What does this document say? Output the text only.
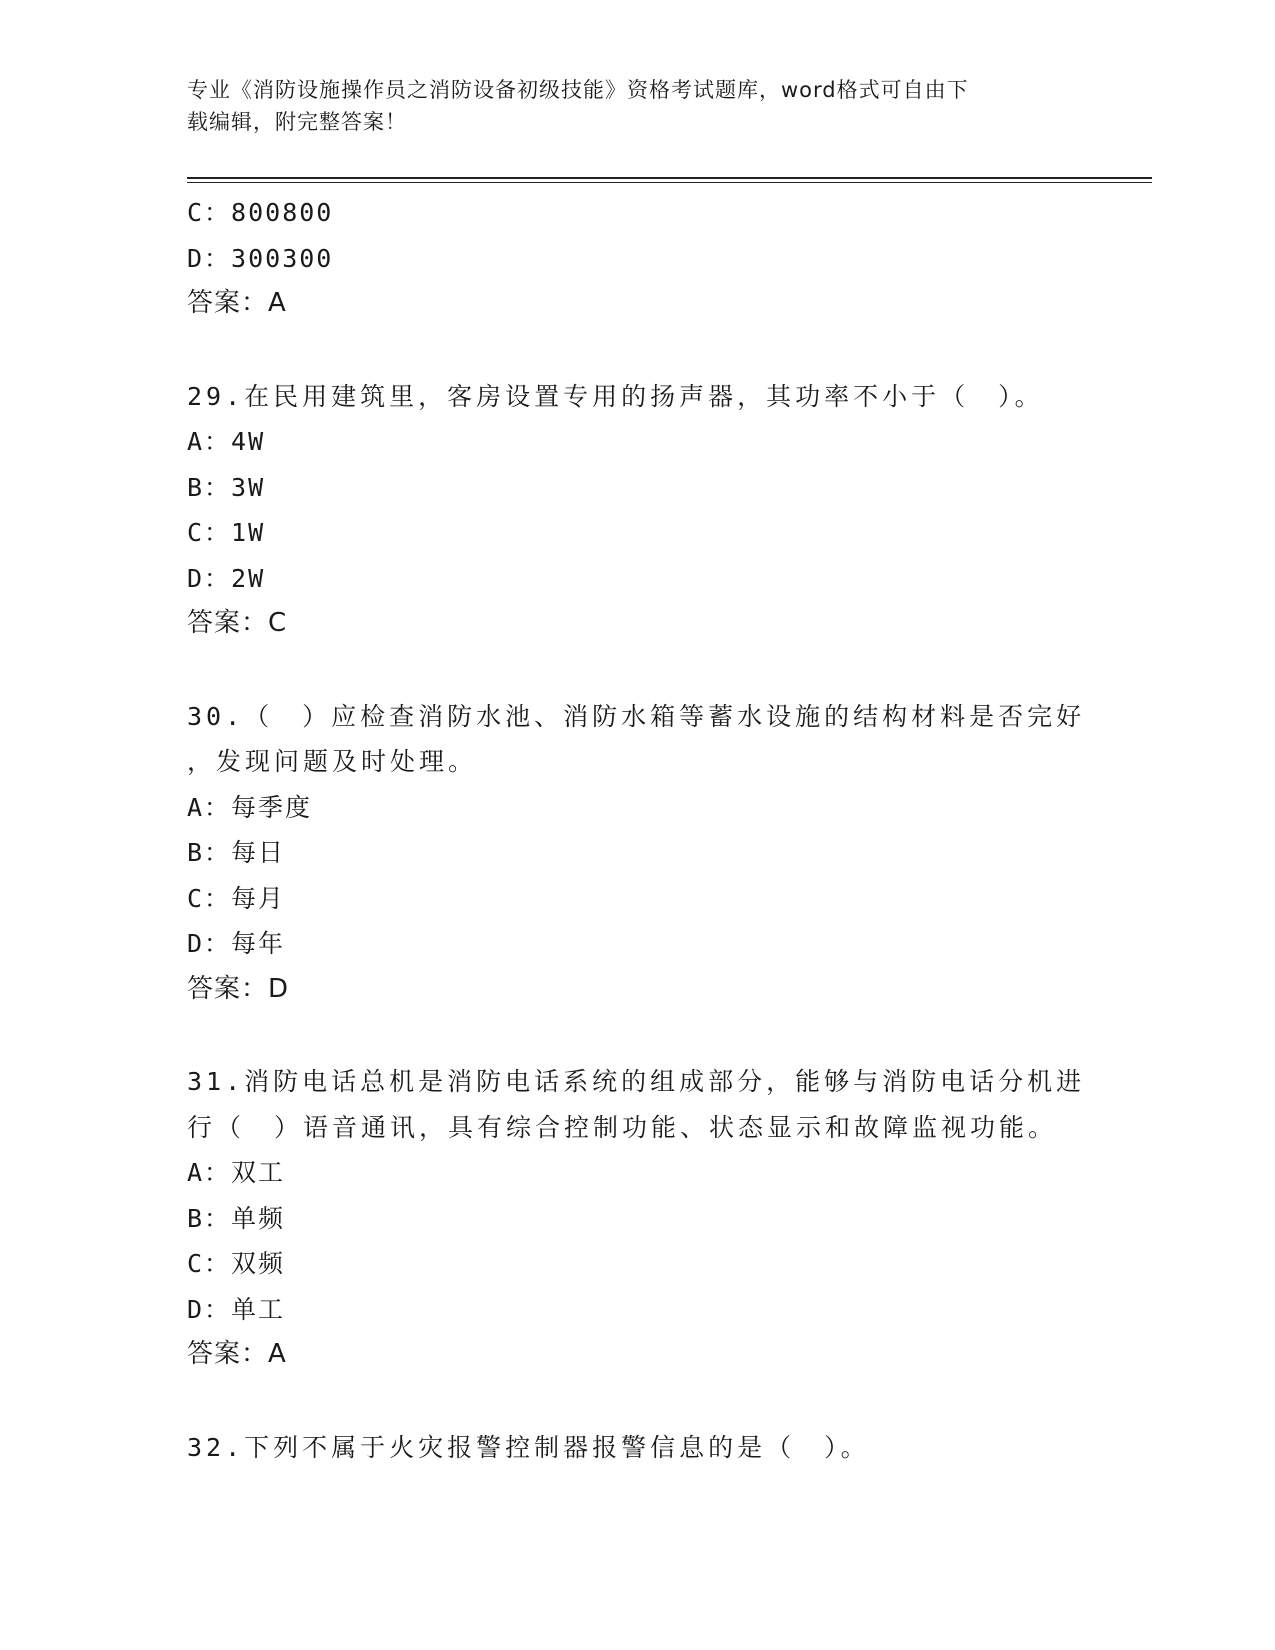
专业《消防设施操作员之消防设备初级技能》资格考试题库，word格式可自由下
载编辑，附完整答案！
C：800800
D：300300
答案：A
29.在民用建筑里，客房设置专用的扬声器，其功率不小于（　）。
A：4W
B：3W
C：1W
D：2W
答案：C
30.（　）应检查消防水池、消防水箱等蓄水设施的结构材料是否完好
，发现问题及时处理。
A：每季度
B：每日
C：每月
D：每年
答案：D
31.消防电话总机是消防电话系统的组成部分，能够与消防电话分机进
行（　）语音通讯，具有综合控制功能、状态显示和故障监视功能。
A：双工
B：单频
C：双频
D：单工
答案：A
32.下列不属于火灾报警控制器报警信息的是（　）。
